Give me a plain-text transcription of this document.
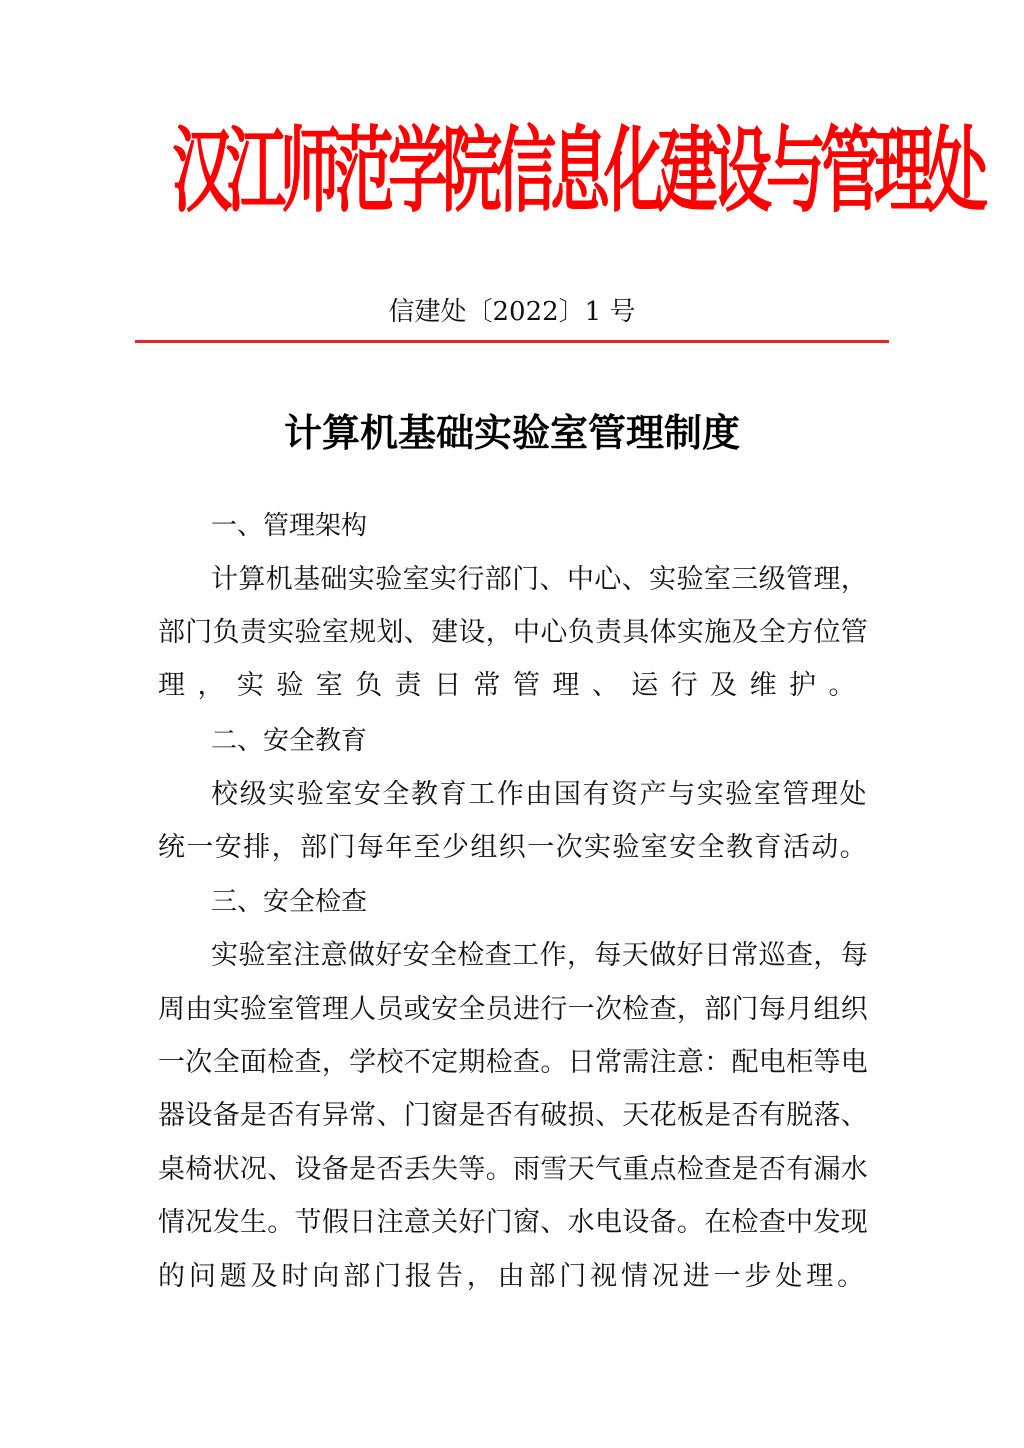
汉江师范学院信息化建设与管理处
信建处〔2022〕1 号
计算机基础实验室管理制度
一、管理架构
计算机基础实验室实行部门、中心、实验室三级管理，
部门负责实验室规划、建设，中心负责具体实施及全方位管
理，实验室负责日常管理、运行及维护。
二、安全教育
校级实验室安全教育工作由国有资产与实验室管理处
统一安排，部门每年至少组织一次实验室安全教育活动。
三、安全检查
实验室注意做好安全检查工作，每天做好日常巡查，每
周由实验室管理人员或安全员进行一次检查，部门每月组织
一次全面检查，学校不定期检查。日常需注意：配电柜等电
器设备是否有异常、门窗是否有破损、天花板是否有脱落、
桌椅状况、设备是否丢失等。雨雪天气重点检查是否有漏水
情况发生。节假日注意关好门窗、水电设备。在检查中发现
的问题及时向部门报告，由部门视情况进一步处理。
